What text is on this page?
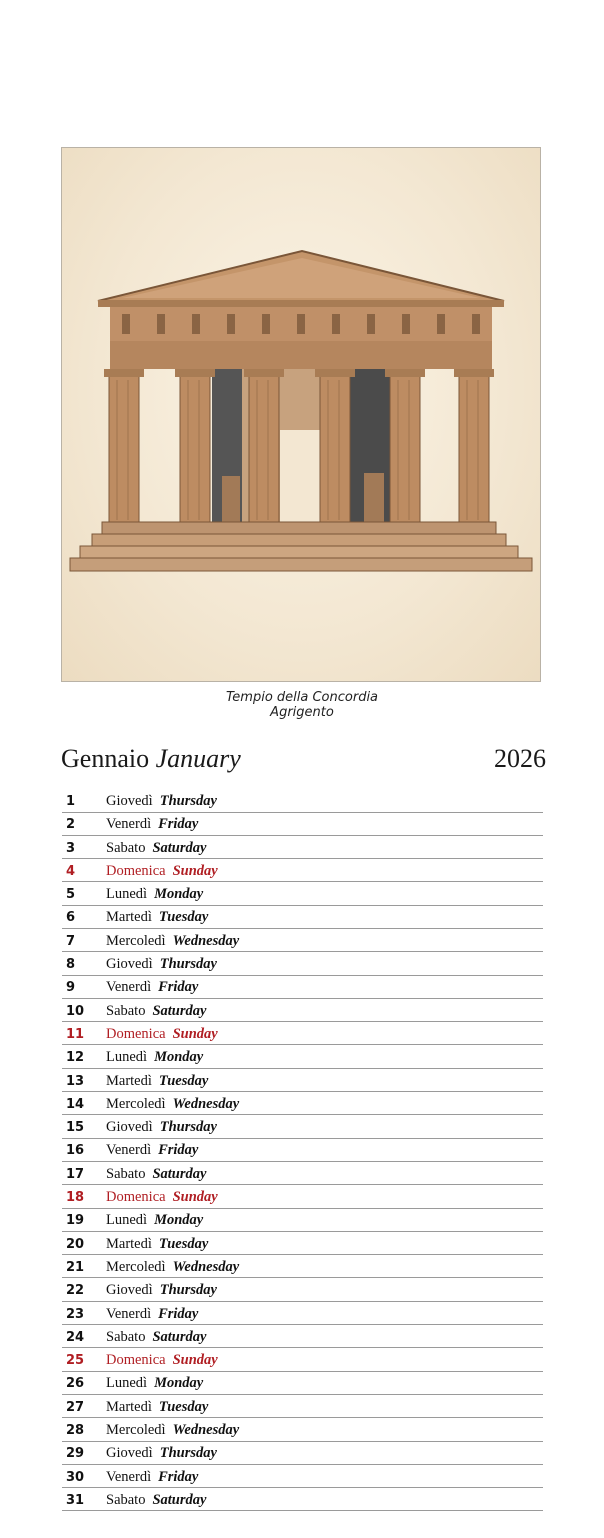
Tempio della Concordia
Agrigento
Gennaio January	2026
1 Giovedì Thursday
2 Venerdì Friday
3 Sabato Saturday
4 Domenica Sunday
5 Lunedì Monday
6 Martedì Tuesday
7 Mercoledì Wednesday
8 Giovedì Thursday
9 Venerdì Friday
10 Sabato Saturday
11 Domenica Sunday
12 Lunedì Monday
13 Martedì Tuesday
14 Mercoledì Wednesday
15 Giovedì Thursday
16 Venerdì Friday
17 Sabato Saturday
18 Domenica Sunday
19 Lunedì Monday
20 Martedì Tuesday
21 Mercoledì Wednesday
22 Giovedì Thursday
23 Venerdì Friday
24 Sabato Saturday
25 Domenica Sunday
26 Lunedì Monday
27 Martedì Tuesday
28 Mercoledì Wednesday
29 Giovedì Thursday
30 Venerdì Friday
31 Sabato Saturday
